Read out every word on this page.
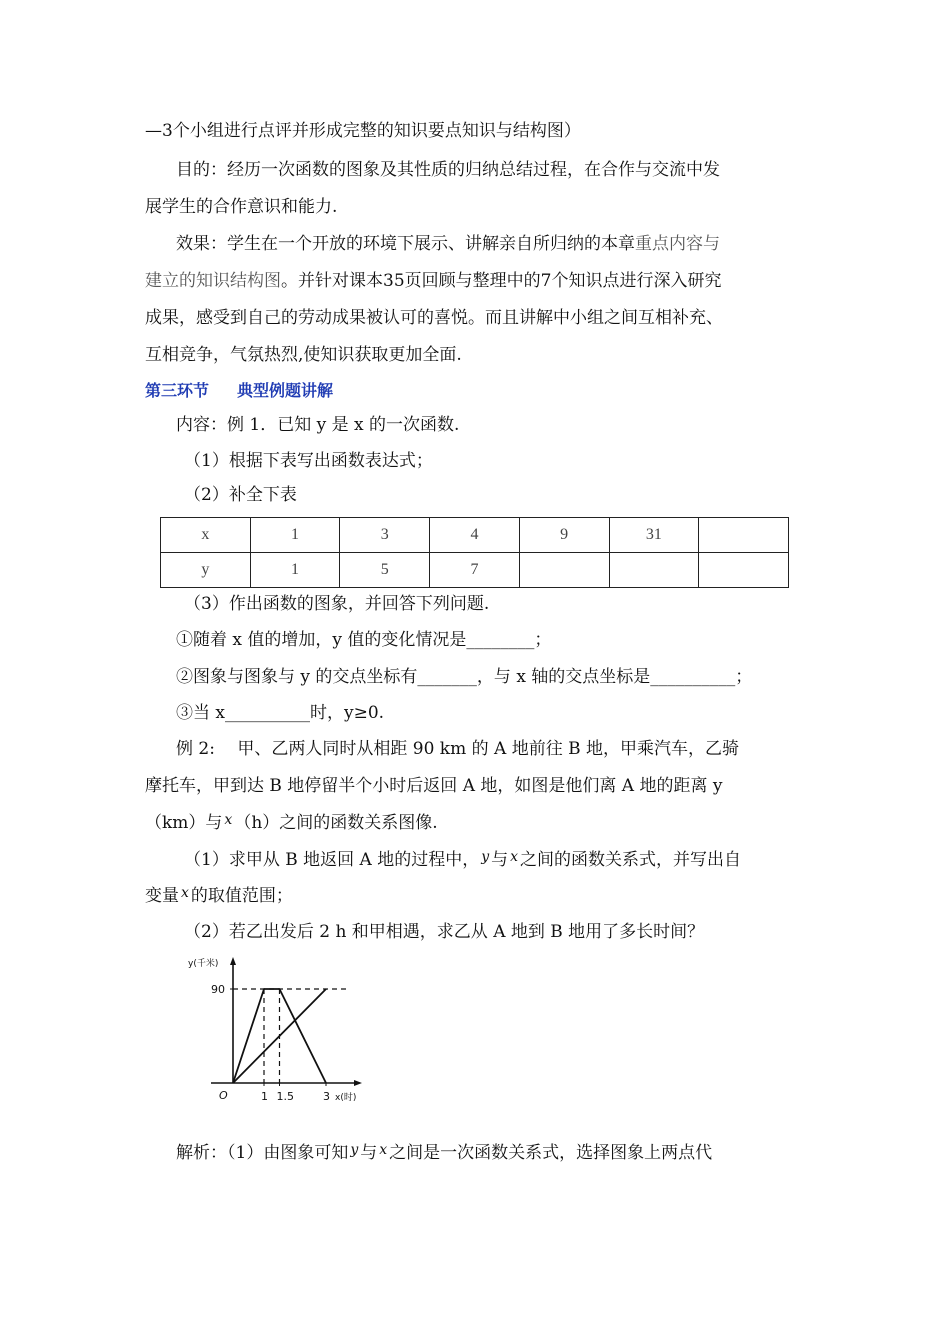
—3个小组进行点评并形成完整的知识要点知识与结构图）
目的：经历一次函数的图象及其性质的归纳总结过程，在合作与交流中发
展学生的合作意识和能力.
效果：学生在一个开放的环境下展示、讲解亲自所归纳的本章重点内容与
建立的知识结构图。并针对课本35页回顾与整理中的7个知识点进行深入研究
成果，感受到自己的劳动成果被认可的喜悦。而且讲解中小组之间互相补充、
互相竞争，气氛热烈,使知识获取更加全面.
第三环节 典型例题讲解
内容：例 1．已知 y 是 x 的一次函数.
（1）根据下表写出函数表达式；
（2）补全下表
x	1	3	4	9	31	
y	1	5	7			
（3）作出函数的图象，并回答下列问题.
①随着 x 值的增加，y 值的变化情况是________；
②图象与图象与 y 的交点坐标有_______，与 x 轴的交点坐标是__________；
③当 x__________时，y≥0.
例 2:　 甲、乙两人同时从相距 90 km 的 A 地前往 B 地，甲乘汽车，乙骑
摩托车，甲到达 B 地停留半个小时后返回 A 地，如图是他们离 A 地的距离 y
（km）与 $^x$ （h）之间的函数关系图像.
（1）求甲从 B 地返回 A 地的过程中， $^y$ 与 $^x$ 之间的函数关系式，并写出自
变量 $^x$ 的取值范围；
（2）若乙出发后 2 h 和甲相遇，求乙从 A 地到 B 地用了多长时间？
y(千米)
x(时)
O	1 1.5	3
90
解析：（1）由图象可知 $^y$ 与 $^x$ 之间是一次函数关系式，选择图象上两点代
